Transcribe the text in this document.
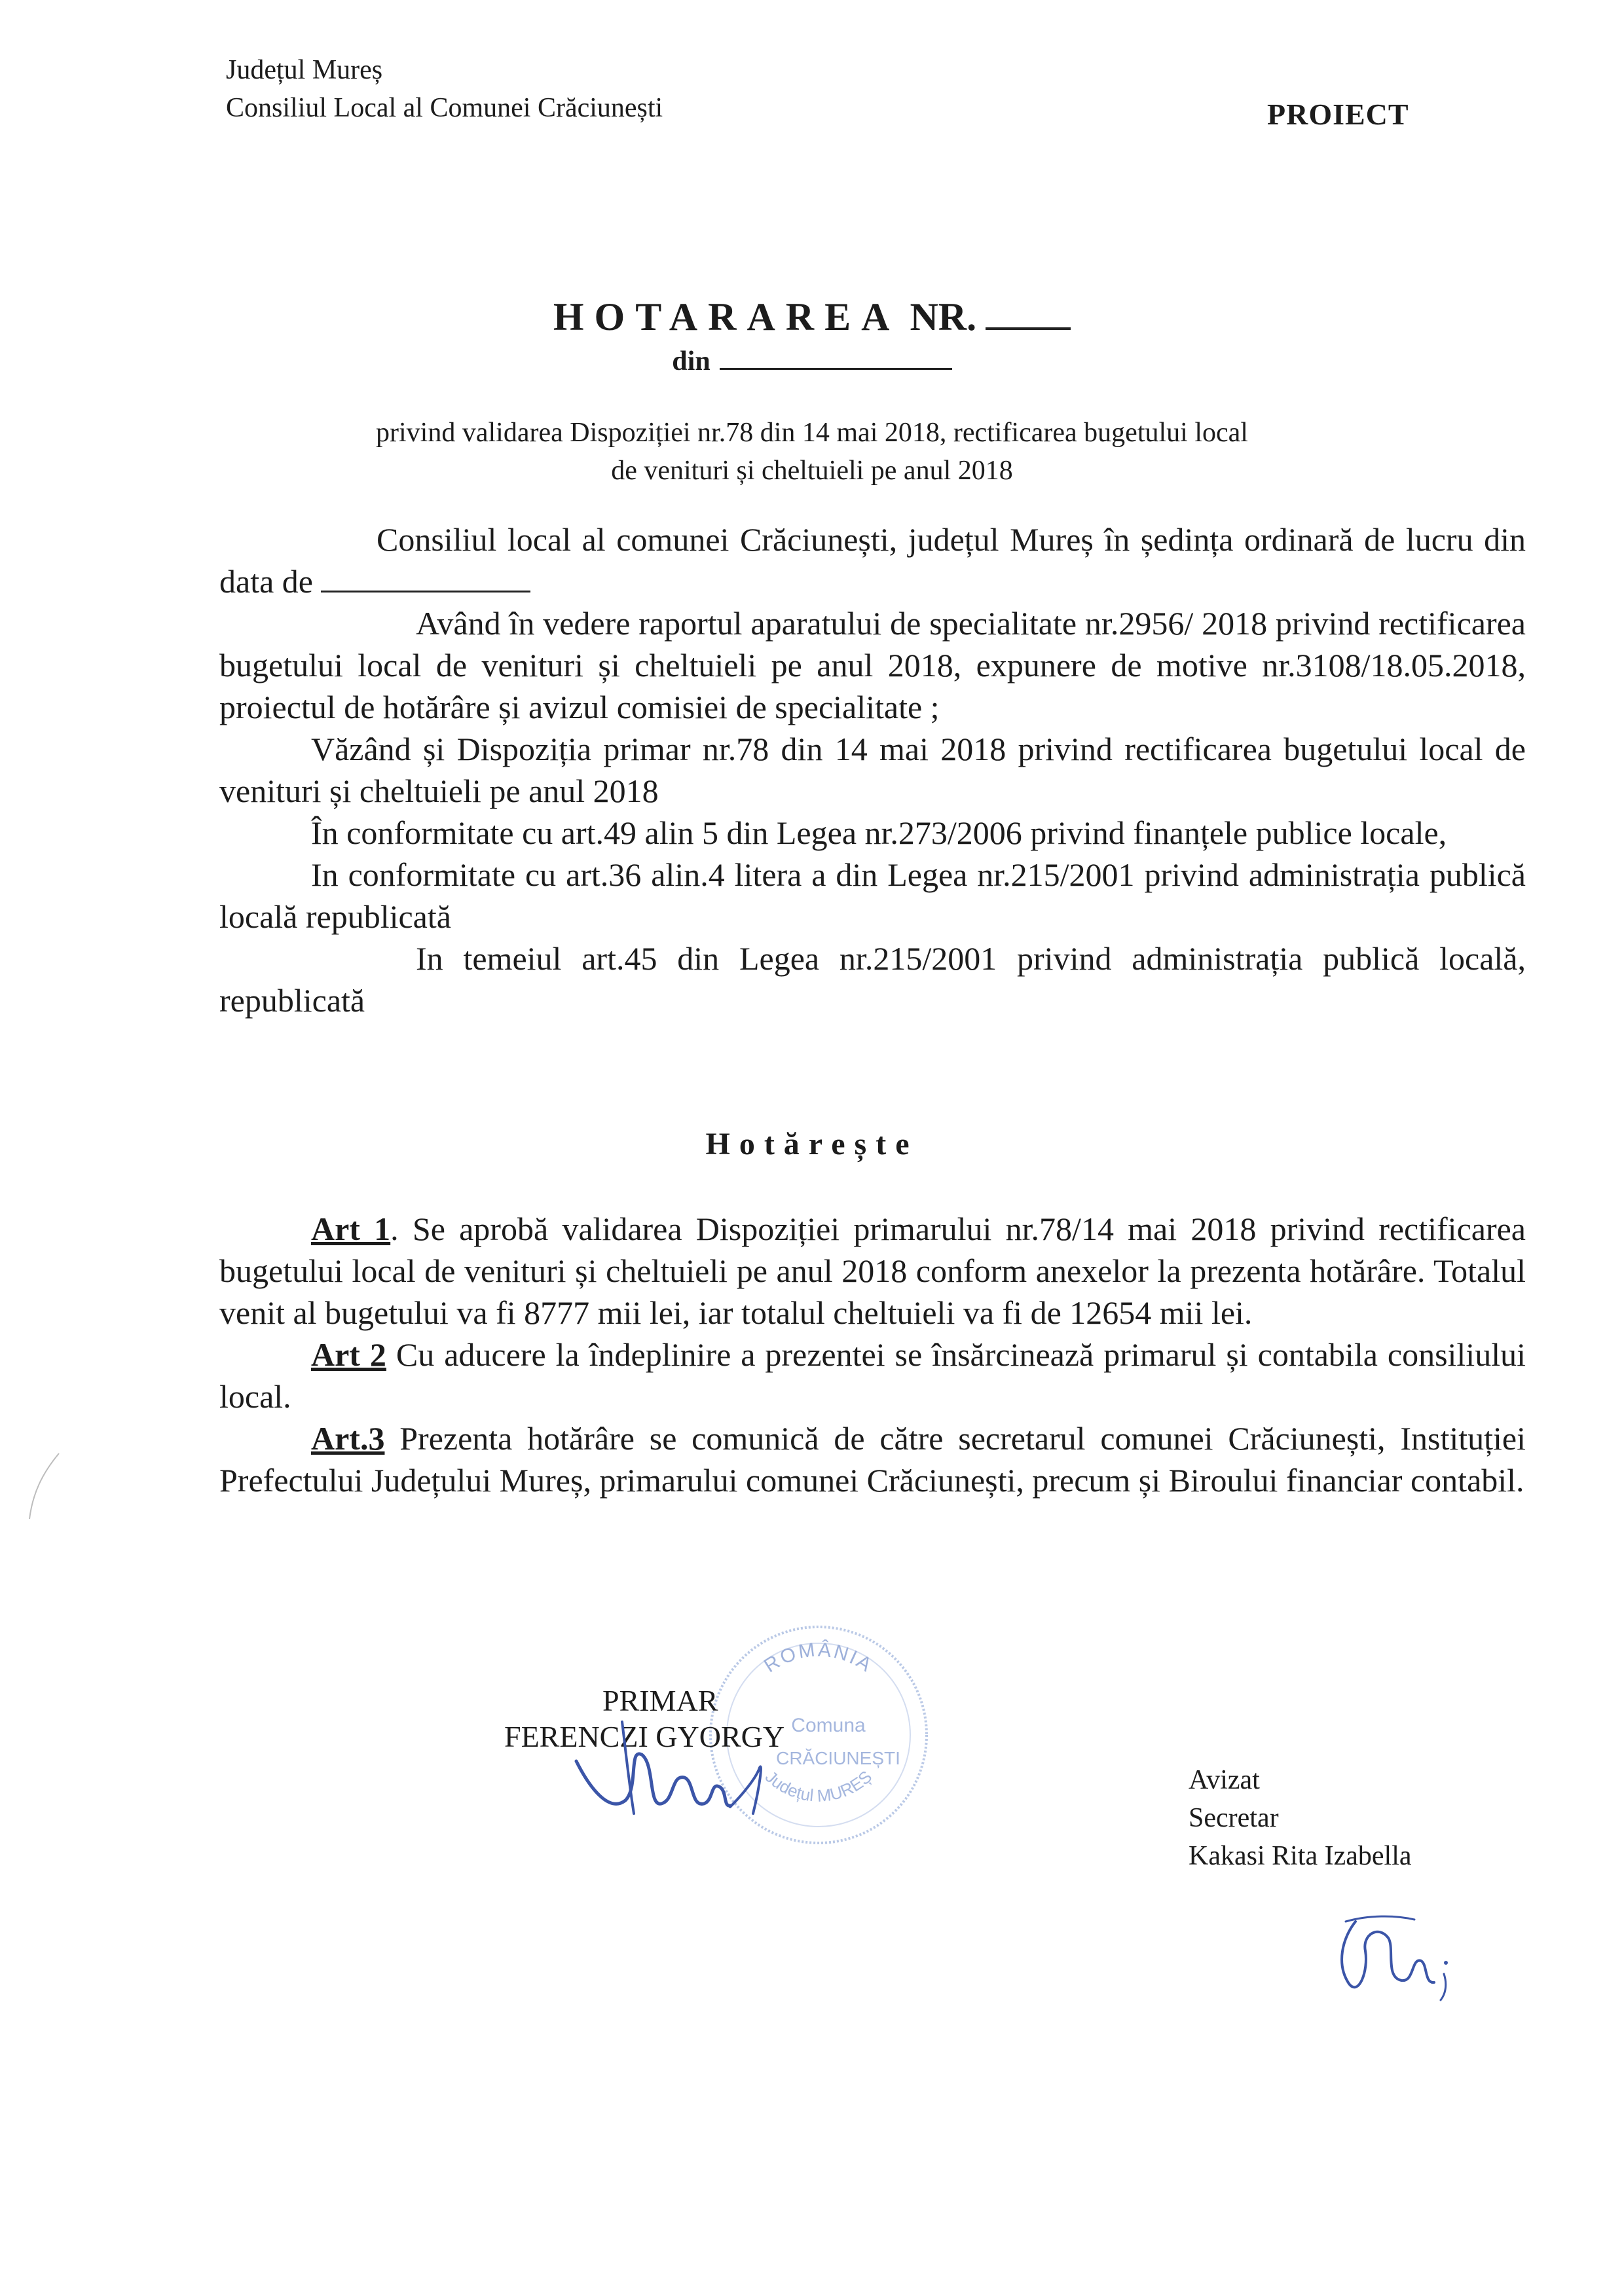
Județul Mureș
Consiliul Local al Comunei Crăciunești	PROIECT
HOTARAREA NR.
din
privind validarea Dispoziției nr.78 din 14 mai 2018, rectificarea bugetului local
de venituri și cheltuieli pe anul 2018

Consiliul local al comunei Crăciunești, județul Mureș în ședința ordinară de lucru din data de

Având în vedere raportul aparatului de specialitate nr.2956/ 2018 privind rectificarea bugetului local de venituri și cheltuieli pe anul 2018, expunere de motive nr.3108/18.05.2018, proiectul de hotărâre și avizul comisiei de specialitate ;

Văzând și Dispoziția primar nr.78 din 14 mai 2018 privind rectificarea bugetului local de venituri și cheltuieli pe anul 2018

În conformitate cu art.49 alin 5 din Legea nr.273/2006 privind finanțele publice locale,

In conformitate cu art.36 alin.4 litera a din Legea nr.215/2001 privind administrația publică locală republicată

In temeiul art.45 din Legea nr.215/2001 privind administrația publică locală, republicată

Hotărește

Art 1. Se aprobă validarea Dispoziției primarului nr.78/14 mai 2018 privind rectificarea bugetului local de venituri și cheltuieli pe anul 2018 conform anexelor la prezenta hotărâre. Totalul venit al bugetului va fi 8777 mii lei, iar totalul cheltuieli va fi de 12654 mii lei.

Art 2 Cu aducere la îndeplinire a prezentei se însărcinează primarul și contabila consiliului local.

Art.3 Prezenta hotărâre se comunică de către secretarul comunei Crăciunești, Instituției Prefectului Județului Mureș, primarului comunei Crăciunești, precum și Biroului financiar contabil.

ROMÂNIA
Comuna
CRĂCIUNEȘTI
Județul MUREȘ
PRIMAR
FERENCZI GYORGY
Avizat
Secretar
Kakasi Rita Izabella
